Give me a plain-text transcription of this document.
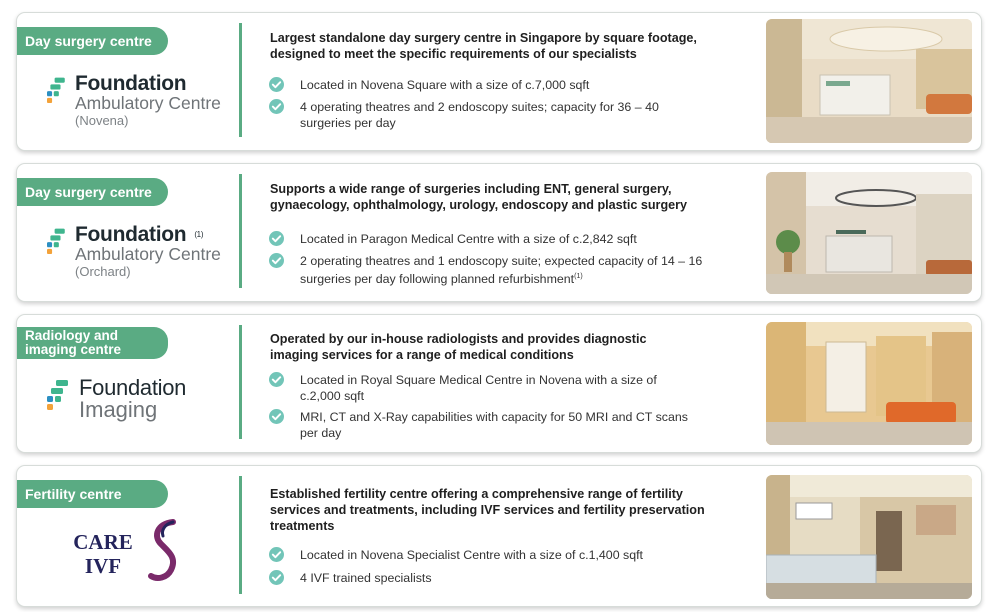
Day surgery centre
Foundation
Ambulatory Centre
(Novena)
Largest standalone day surgery centre in Singapore by square footage, designed to meet the specific requirements of our specialists
Located in Novena Square with a size of c.7,000 sqft
4 operating theatres and 2 endoscopy suites; capacity for 36 – 40 surgeries per day
Day surgery centre
Foundation $^{(1)}$
Ambulatory Centre
(Orchard)
Supports a wide range of surgeries including ENT, general surgery, gynaecology, ophthalmology, urology, endoscopy and plastic surgery
Located in Paragon Medical Centre with a size of c.2,842 sqft
2 operating theatres and 1 endoscopy suite; expected capacity of 14 – 16 surgeries per day following planned refurbishment$^{(1)}$
Radiology and
imaging centre
Foundation
Imaging
Operated by our in-house radiologists and provides diagnostic imaging services for a range of medical conditions
Located in Royal Square Medical Centre in Novena with a size of c.2,000 sqft
MRI, CT and X-Ray capabilities with capacity for 50 MRI and CT scans per day
Fertility centre
CARE
IVF
Established fertility centre offering a comprehensive range of fertility services and treatments, including IVF services and fertility preservation treatments
Located in Novena Specialist Centre with a size of c.1,400 sqft
4 IVF trained specialists
